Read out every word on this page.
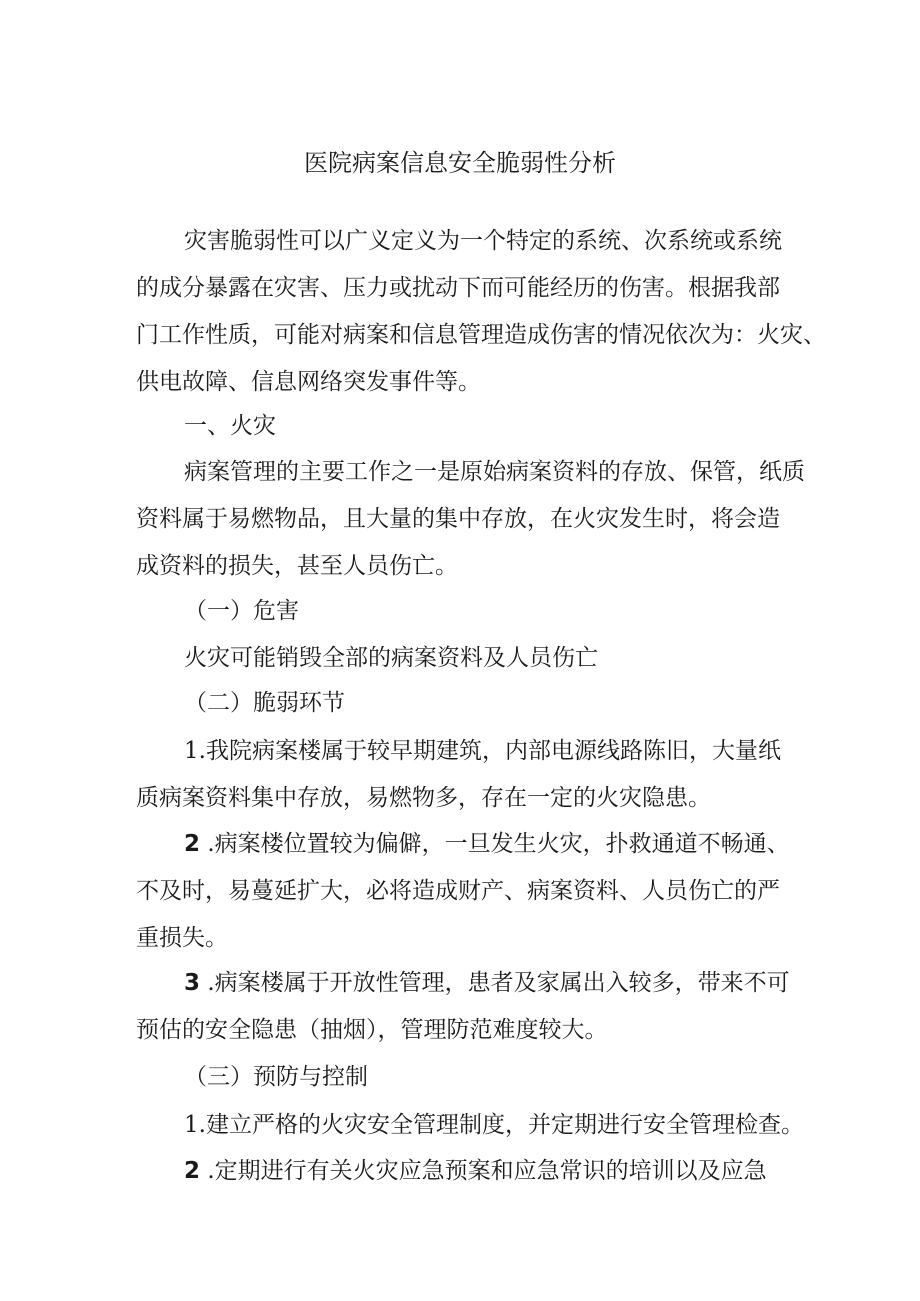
医院病案信息安全脆弱性分析
灾害脆弱性可以广义定义为一个特定的系统、次系统或系统
的成分暴露在灾害、压力或扰动下而可能经历的伤害。根据我部
门工作性质，可能对病案和信息管理造成伤害的情况依次为：火灾、
供电故障、信息网络突发事件等。
一、火灾
病案管理的主要工作之一是原始病案资料的存放、保管，纸质
资料属于易燃物品，且大量的集中存放，在火灾发生时，将会造
成资料的损失，甚至人员伤亡。
（一）危害
火灾可能销毁全部的病案资料及人员伤亡
（二）脆弱环节
1.我院病案楼属于较早期建筑，内部电源线路陈旧，大量纸
质病案资料集中存放，易燃物多，存在一定的火灾隐患。
2 .病案楼位置较为偏僻，一旦发生火灾，扑救通道不畅通、
不及时，易蔓延扩大，必将造成财产、病案资料、人员伤亡的严
重损失。
3 .病案楼属于开放性管理，患者及家属出入较多，带来不可
预估的安全隐患（抽烟），管理防范难度较大。
（三）预防与控制
1.建立严格的火灾安全管理制度，并定期进行安全管理检查。
2 .定期进行有关火灾应急预案和应急常识的培训以及应急
